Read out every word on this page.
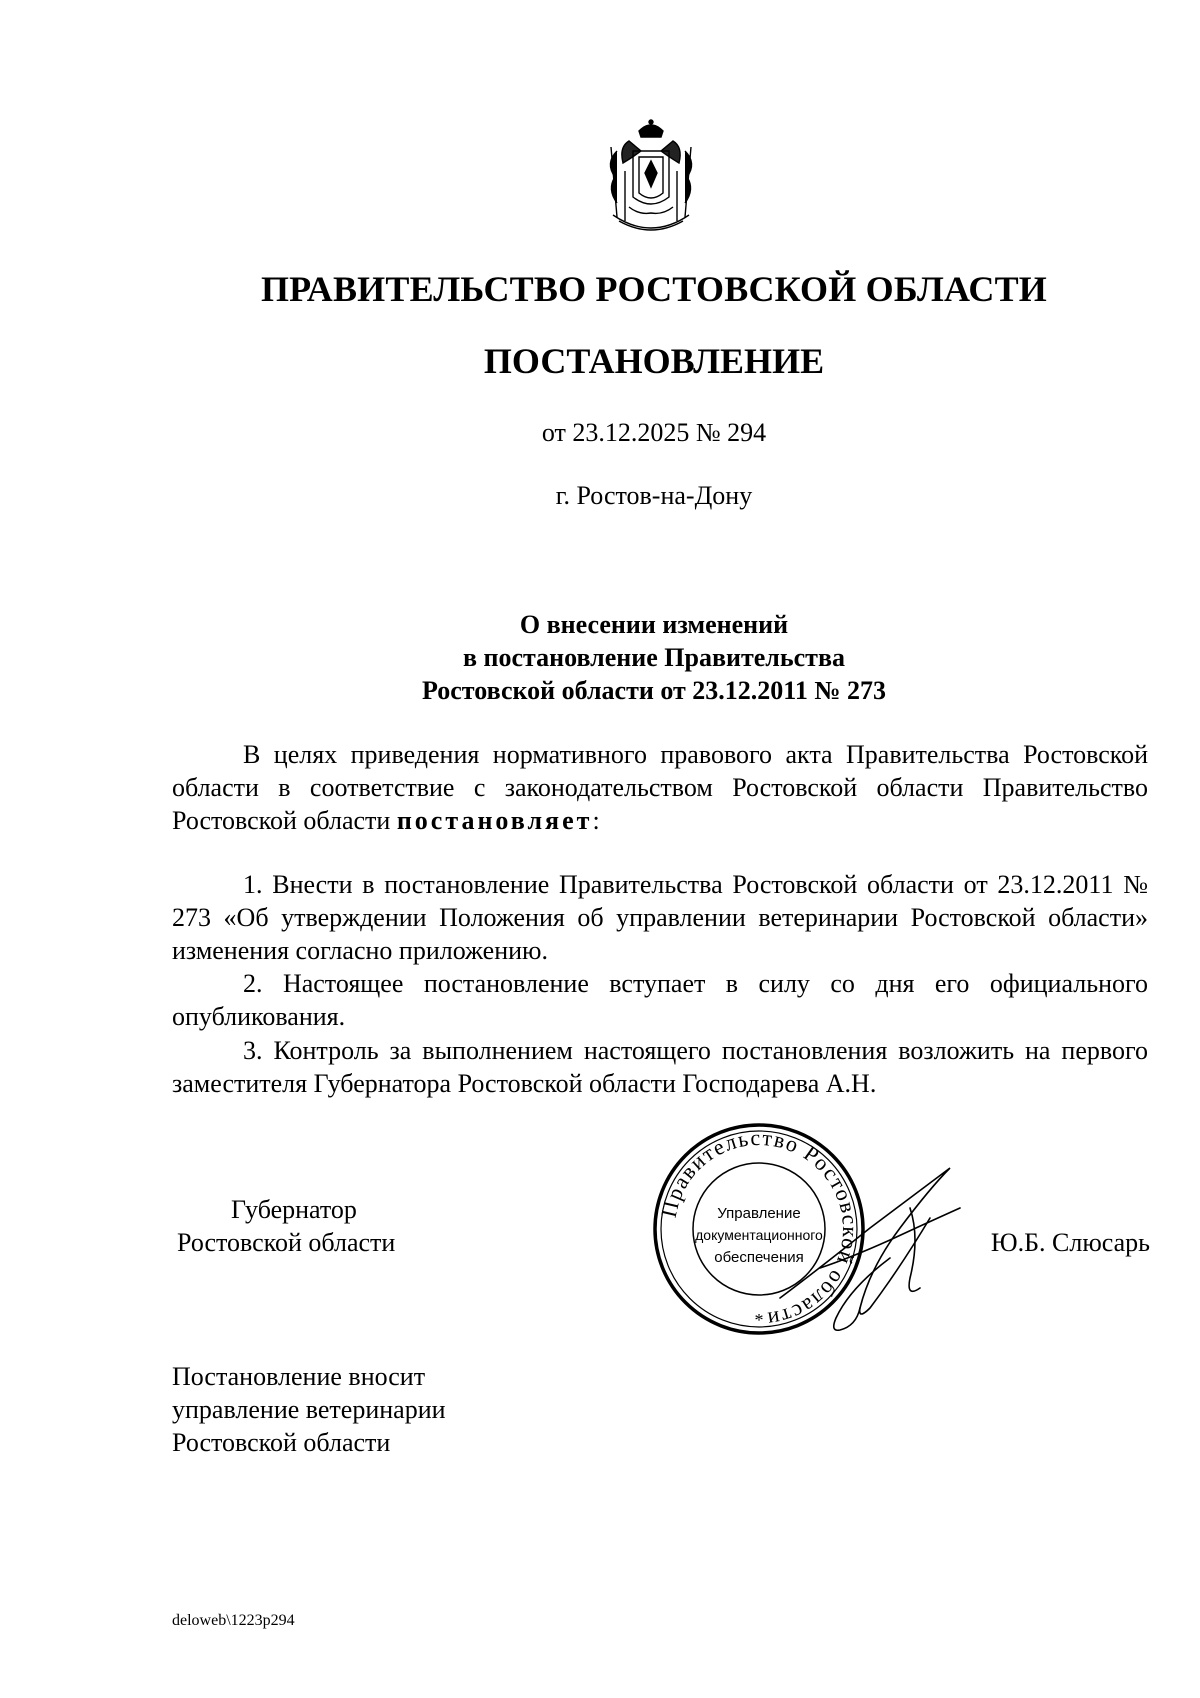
ПРАВИТЕЛЬСТВО РОСТОВСКОЙ ОБЛАСТИ
ПОСТАНОВЛЕНИЕ
от 23.12.2025 № 294
г. Ростов-на-Дону
О внесении изменений
в постановление Правительства
Ростовской области от 23.12.2011 № 273
В целях приведения нормативного правового акта Правительства Ростовской области в соответствие с законодательством Ростовской области Правительство Ростовской области постановляет:
1. Внести в постановление Правительства Ростовской области от 23.12.2011 № 273 «Об утверждении Положения об управлении ветеринарии Ростовской области» изменения согласно приложению.
2. Настоящее постановление вступает в силу со дня его официального опубликования.
3. Контроль за выполнением настоящего постановления возложить на первого заместителя Губернатора Ростовской области Господарева А.Н.
Губернатор
Ростовской области
Правительство Ростовской области
Управление
документационного
обеспечения
*
Ю.Б. Слюсарь
Постановление вносит
управление ветеринарии
Ростовской области
deloweb\1223p294
